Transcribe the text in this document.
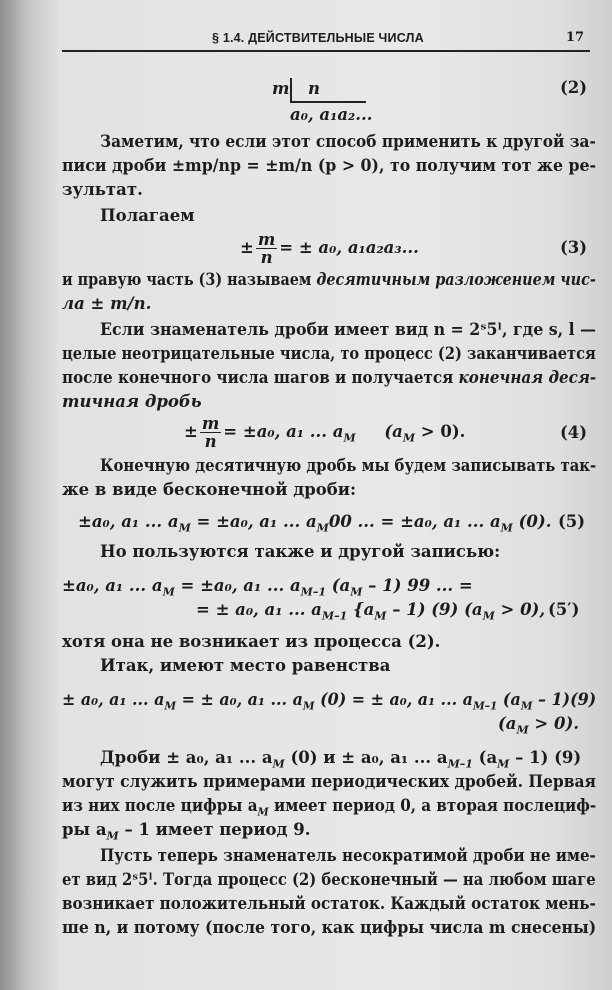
§ 1.4. ДЕЙСТВИТЕЛЬНЫЕ ЧИСЛА	17
m n
a₀, a₁a₂...
(2)
Заметим, что если этот способ применить к другой за-
писи дроби ±mp/np = ±m/n (p > 0), то получим тот же ре-
зультат.
Полагаем
± $\frac{m}{n}$ = ± a₀, a₁a₂a₃...	(3)
и правую часть (3) называем десятичным разложением чис-
ла ± m/n.
Если знаменатель дроби имеет вид n = 2ˢ5ˡ, где s, l —
целые неотрицательные числа, то процесс (2) заканчивается
после конечного числа шагов и получается конечная деся-
тичная дробь
± $\frac{m}{n} = \pm a_0$, a₁ ... $a_M$ $(a_M > 0)$.	(4)
Конечную десятичную дробь мы будем записывать так-
же в виде бесконечной дроби:
±a₀, a₁ ... $a_M = \pm a_0$, a₁ ... $a_M00$ ... = ±a₀, a₁ ... $a_M$ (0). (5)
Но пользуются также и другой записью:
±a₀, a₁ ... $a_M = \pm a_0$, a₁ ... $a_{M-1}$ $(a_M - 1)$ 99 ... =
= ± a₀, a₁ ... $a_{M-1}$ $\{a_M - 1)$ (9) $(a_M > 0)$, (5′)
хотя она не возникает из процесса (2).
Итак, имеют место равенства
± a₀, a₁ ... $a_M$ = ± a₀, a₁ ... $a_M$ (0) = ± a₀, a₁ ... $a_{M-1}$ $(a_M - 1)(9)$
$(a_M > 0)$.
Дроби ± a₀, a₁ ... $a_M$ (0) и ± a₀, a₁ ... $a_{M-1}$ $(a_M - 1)$ (9)
могут служить примерами периодических дробей. Первая
из них после цифры $a_M$ имеет период 0, а вторая послециф-
ры $a_M - 1$ имеет период 9.
Пусть теперь знаменатель несократимой дроби не име-
ет вид 2ˢ5ˡ. Тогда процесс (2) бесконечный — на любом шаге
возникает положительный остаток. Каждый остаток мень-
ше n, и потому (после того, как цифры числа m снесены)
